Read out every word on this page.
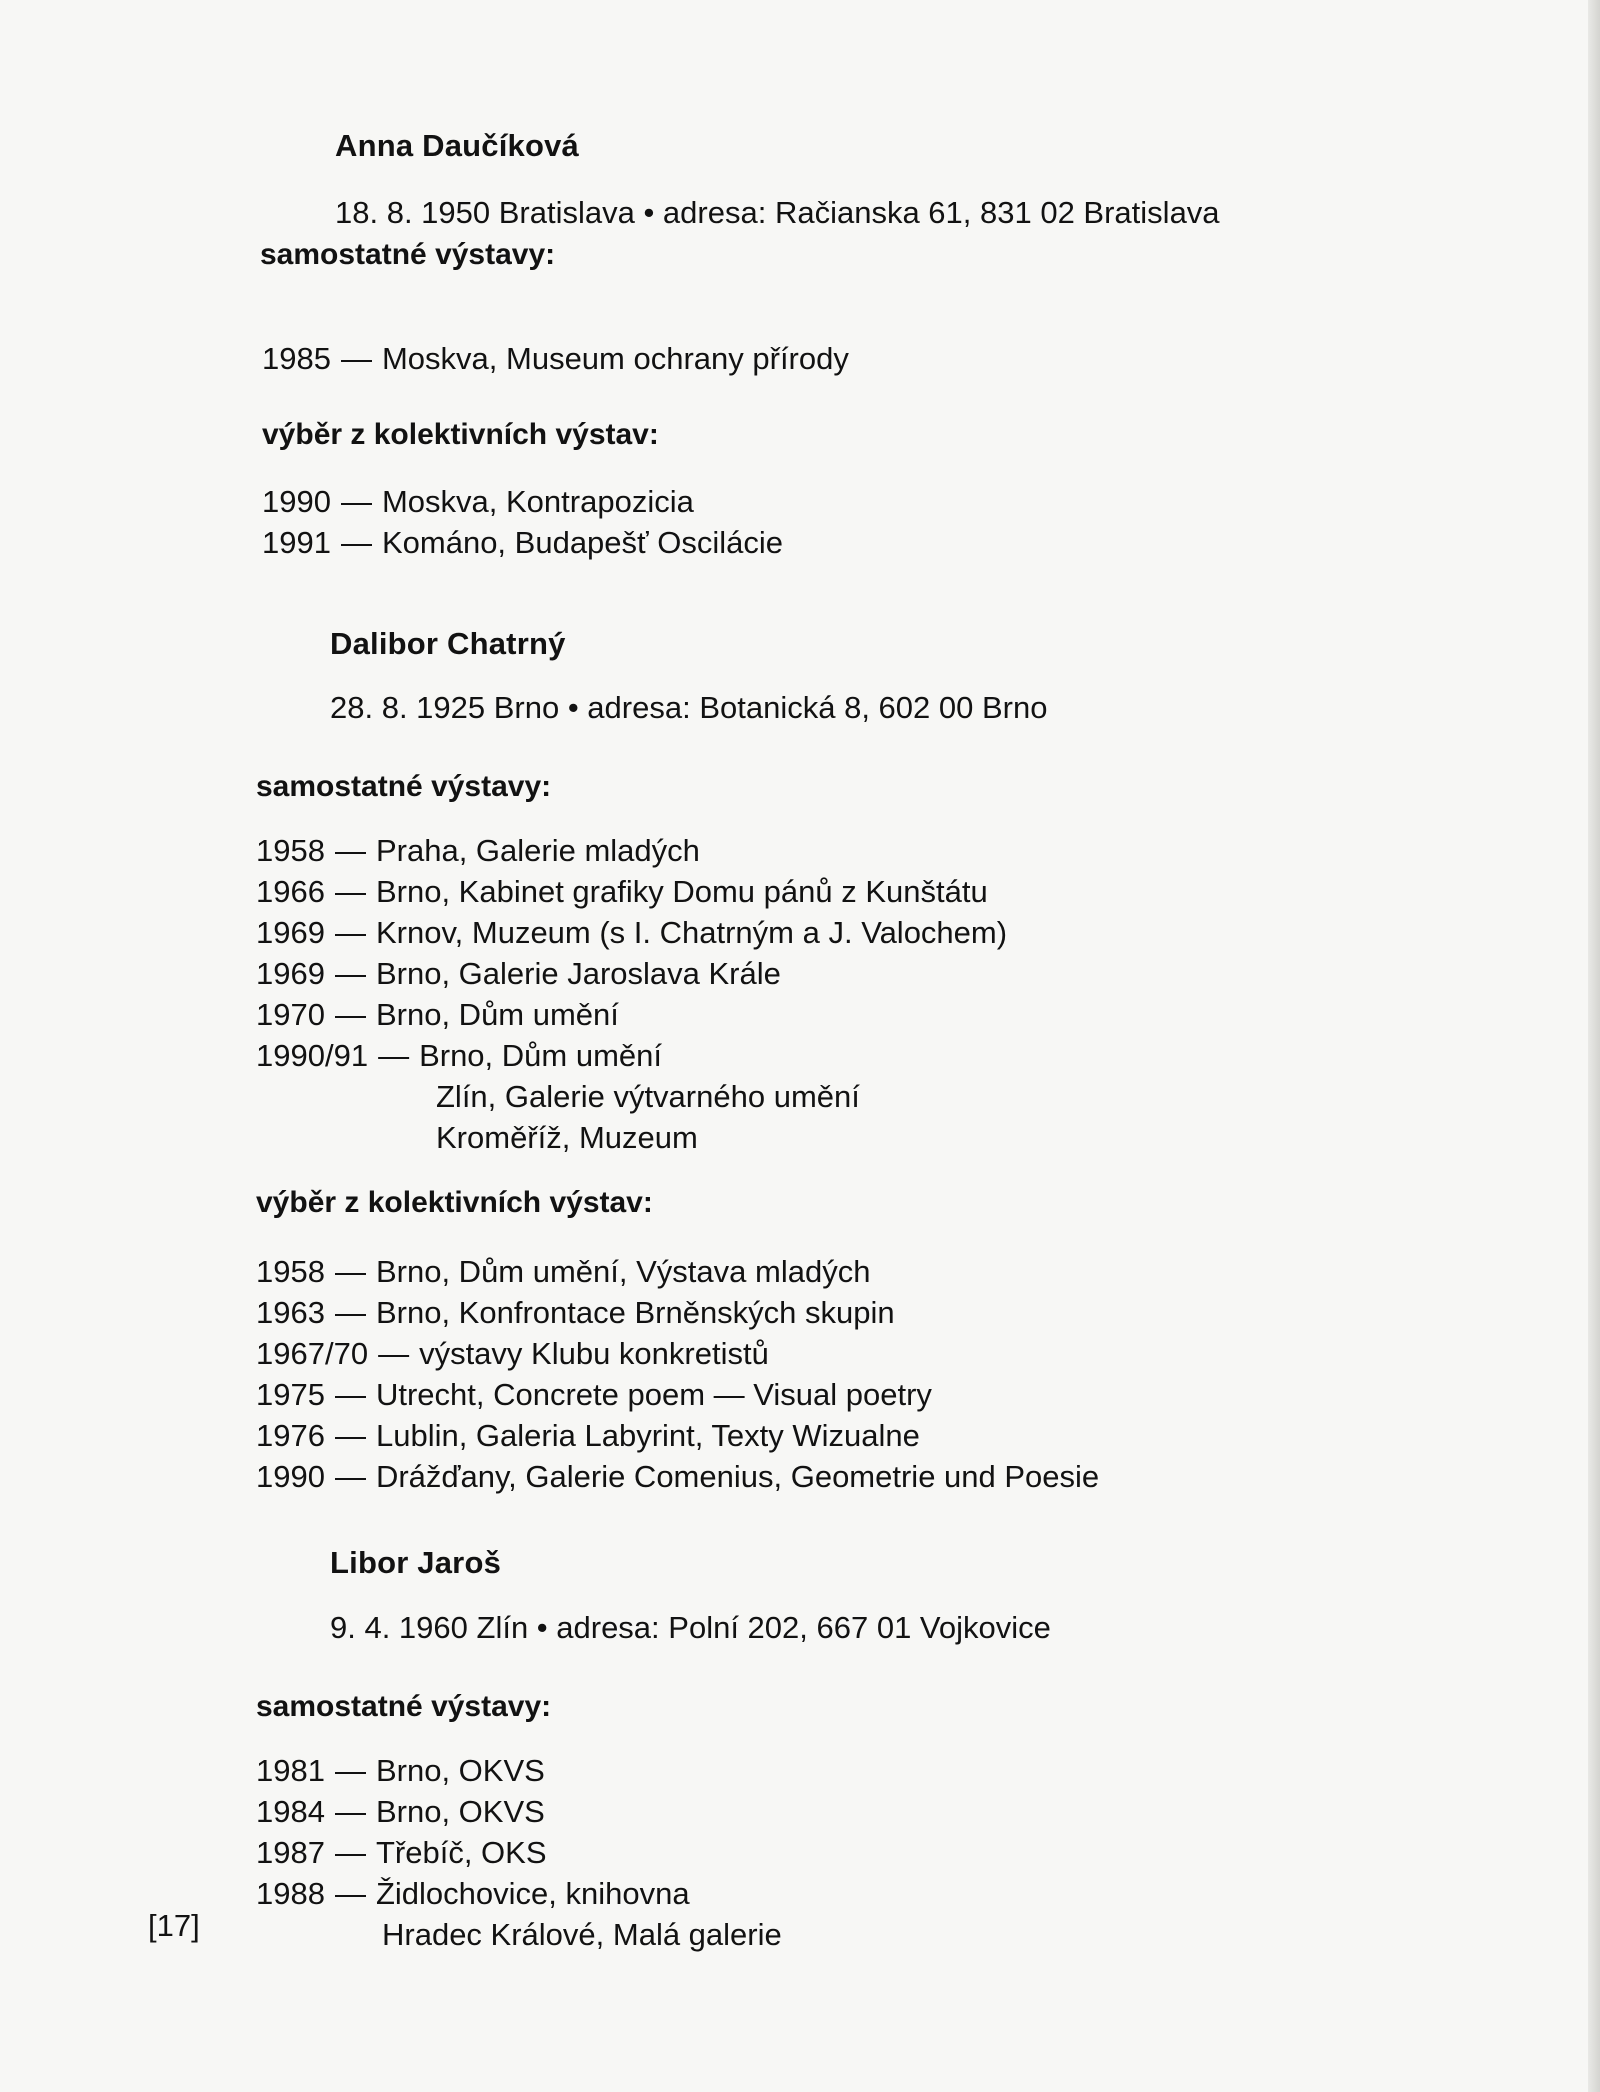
Anna Daučíková
18. 8. 1950 Bratislava • adresa: Račianska 61, 831 02 Bratislava
samostatné výstavy:
1985 — Moskva, Museum ochrany přírody
výběr z kolektivních výstav:
1990 — Moskva, Kontrapozicia
1991 — Kománo, Budapešť Oscilácie
Dalibor Chatrný
28. 8. 1925 Brno • adresa: Botanická 8, 602 00 Brno
samostatné výstavy:
1958 — Praha, Galerie mladých
1966 — Brno, Kabinet grafiky Domu pánů z Kunštátu
1969 — Krnov, Muzeum (s I. Chatrným a J. Valochem)
1969 — Brno, Galerie Jaroslava Krále
1970 — Brno, Dům umění
1990/91 — Brno, Dům umění
Zlín, Galerie výtvarného umění
Kroměříž, Muzeum
výběr z kolektivních výstav:
1958 — Brno, Dům umění, Výstava mladých
1963 — Brno, Konfrontace Brněnských skupin
1967/70 — výstavy Klubu konkretistů
1975 — Utrecht, Concrete poem — Visual poetry
1976 — Lublin, Galeria Labyrint, Texty Wizualne
1990 — Drážďany, Galerie Comenius, Geometrie und Poesie
Libor Jaroš
9. 4. 1960 Zlín • adresa: Polní 202, 667 01 Vojkovice
samostatné výstavy:
1981 — Brno, OKVS
1984 — Brno, OKVS
1987 — Třebíč, OKS
1988 — Židlochovice, knihovna
Hradec Králové, Malá galerie
[17]
